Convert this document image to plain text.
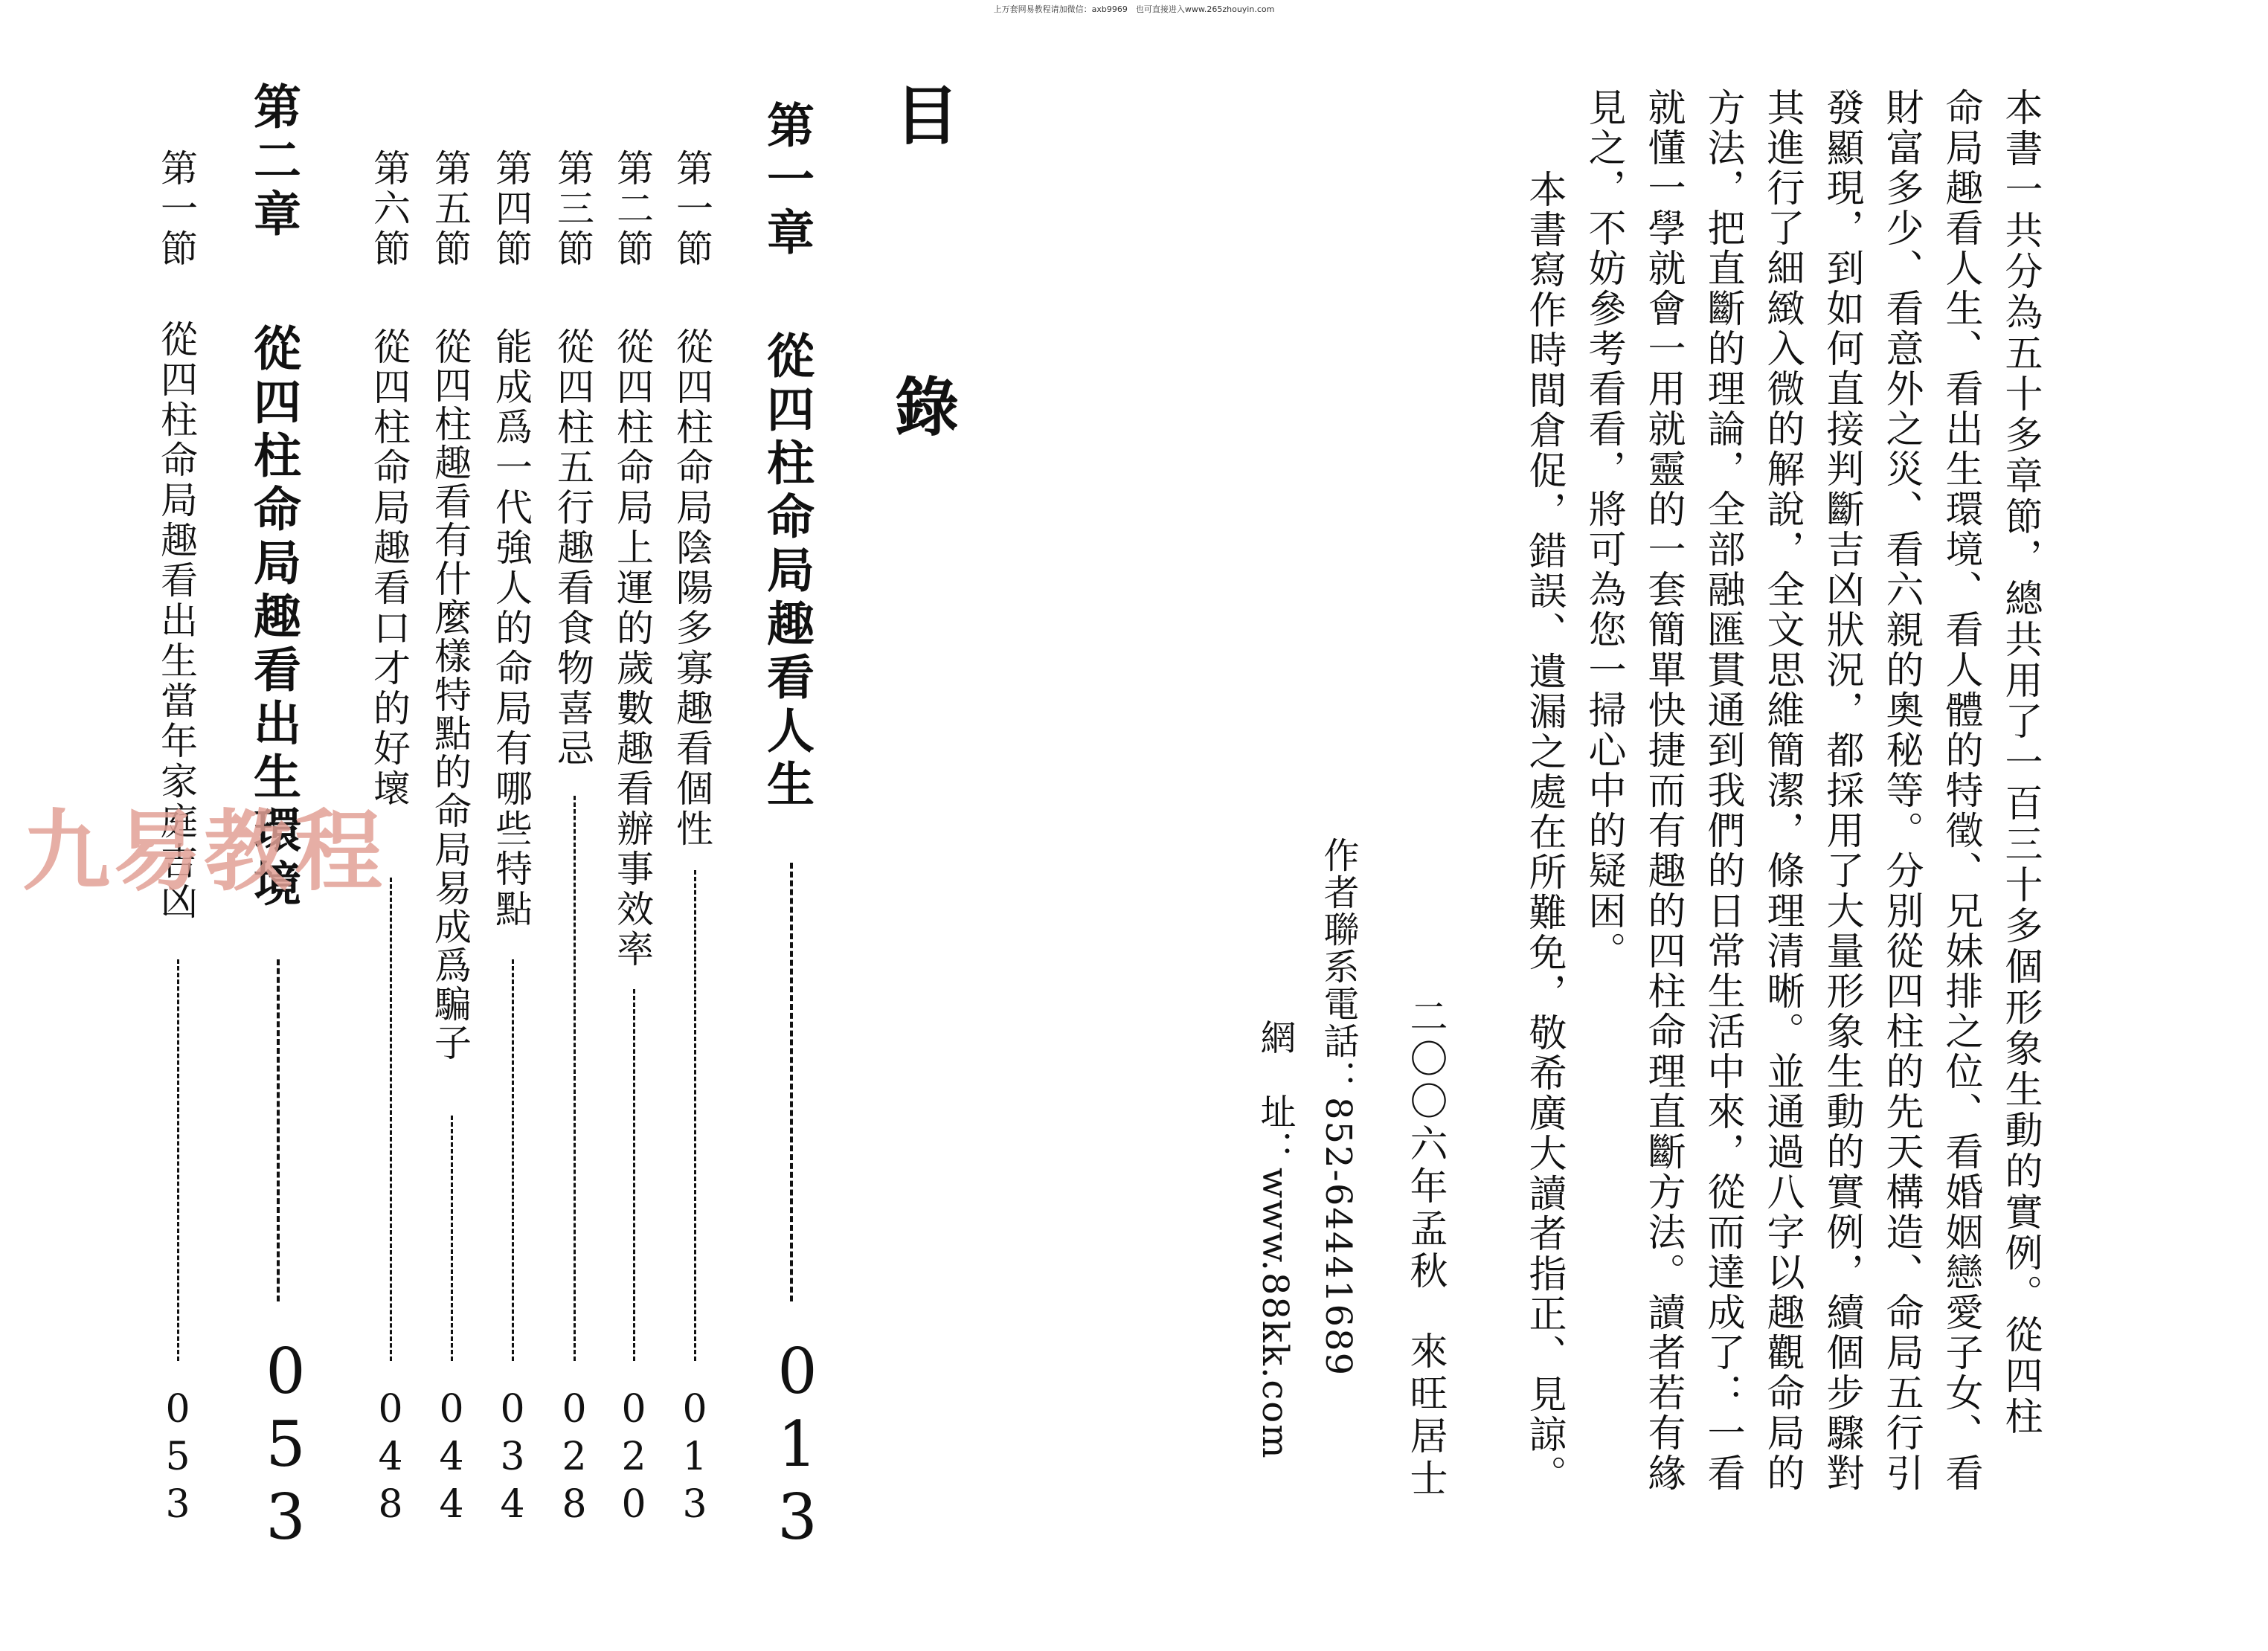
上万套网易教程请加微信：axb9969　也可直接进入www.265zhouyin.com
本書一共分為五十多章節，總共用了一百三十多個形象生動的實例。從四柱
命局趣看人生、看出生環境、看人體的特徵、兄妹排之位、看婚姻戀愛子女、看
財富多少、看意外之災、看六親的奧秘等。分別從四柱的先天構造、命局五行引
發顯現，到如何直接判斷吉凶狀況，都採用了大量形象生動的實例，續個步驟對
其進行了細緻入微的解說，全文思維簡潔，條理清晰。並通過八字以趣觀命局的
方法，把直斷的理論，全部融匯貫通到我們的日常生活中來，從而達成了：一看
就懂一學就會一用就靈的一套簡單快捷而有趣的四柱命理直斷方法。讀者若有緣
見之，不妨參考看看，將可為您一掃心中的疑困。
本書寫作時間倉促，錯誤、遺漏之處在所難免，敬希廣大讀者指正、見諒。
二〇〇六年孟秋
來旺居士
作者聯系電話：852-64441689
網　址：www.88kk.com
目　錄
第一章
從四柱命局趣看人生
013
第一節
從四柱命局陰陽多寡趣看個性
013
第二節
從四柱命局上運的歲數趣看辦事效率
020
第三節
從四柱五行趣看食物喜忌
028
第四節
能成爲一代強人的命局有哪些特點
034
第五節
從四柱趣看有什麼樣特點的命局易成爲騙子
044
第六節
從四柱命局趣看口才的好壞
048
第二章
從四柱命局趣看出生環境
053
第一節
從四柱命局趣看出生當年家庭吉凶
053
九易教程
